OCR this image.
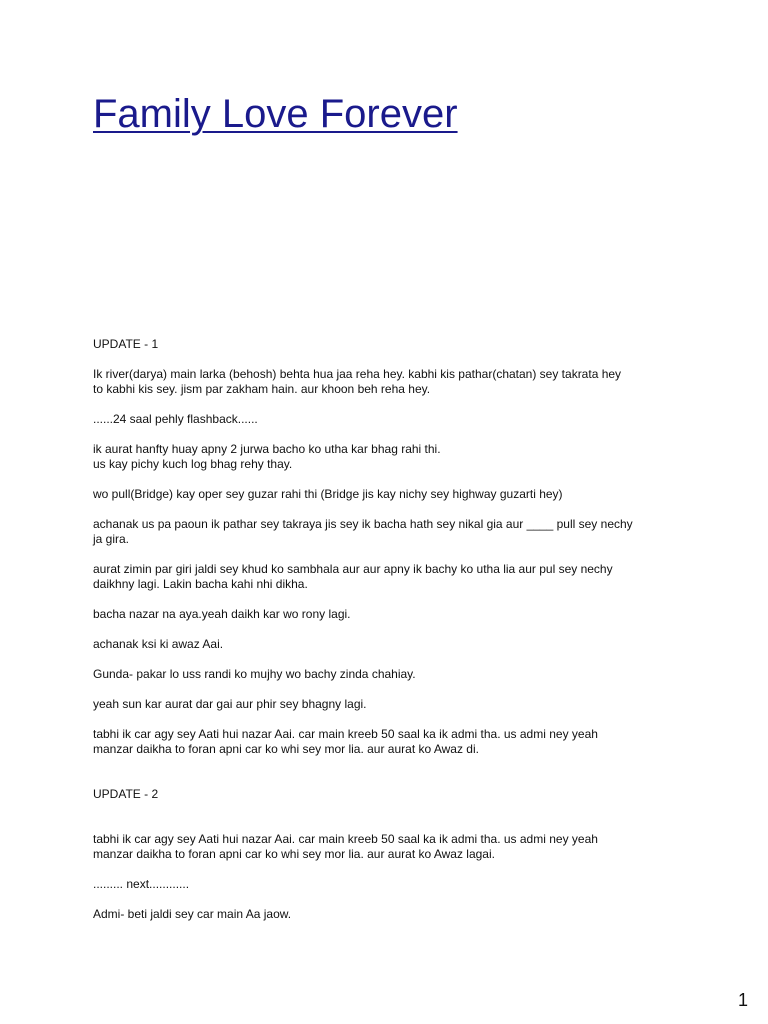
Family Love Forever

UPDATE - 1

Ik river(darya) main larka (behosh) behta hua jaa reha hey. kabhi kis pathar(chatan) sey takrata hey

to kabhi kis sey. jism par zakham hain. aur khoon beh reha hey.

......24 saal pehly flashback......

ik aurat hanfty huay apny 2 jurwa bacho ko utha kar bhag rahi thi.

us kay pichy kuch log bhag rehy thay.

wo pull(Bridge) kay oper sey guzar rahi thi (Bridge jis kay nichy sey highway guzarti hey)

achanak us pa paoun ik pathar sey takraya jis sey ik bacha hath sey nikal gia aur ____ pull sey nechy

ja gira.

aurat zimin par giri jaldi sey khud ko sambhala aur aur apny ik bachy ko utha lia aur pul sey nechy

daikhny lagi. Lakin bacha kahi nhi dikha.

bacha nazar na aya.yeah daikh kar wo rony lagi.

achanak ksi ki awaz Aai.

Gunda- pakar lo uss randi ko mujhy wo bachy zinda chahiay.

yeah sun kar aurat dar gai aur phir sey bhagny lagi.

tabhi ik car agy sey Aati hui nazar Aai. car main kreeb 50 saal ka ik admi tha. us admi ney yeah

manzar daikha to foran apni car ko whi sey mor lia. aur aurat ko Awaz di.

UPDATE - 2

tabhi ik car agy sey Aati hui nazar Aai. car main kreeb 50 saal ka ik admi tha. us admi ney yeah

manzar daikha to foran apni car ko whi sey mor lia. aur aurat ko Awaz lagai.

......... next............

Admi- beti jaldi sey car main Aa jaow.

1
